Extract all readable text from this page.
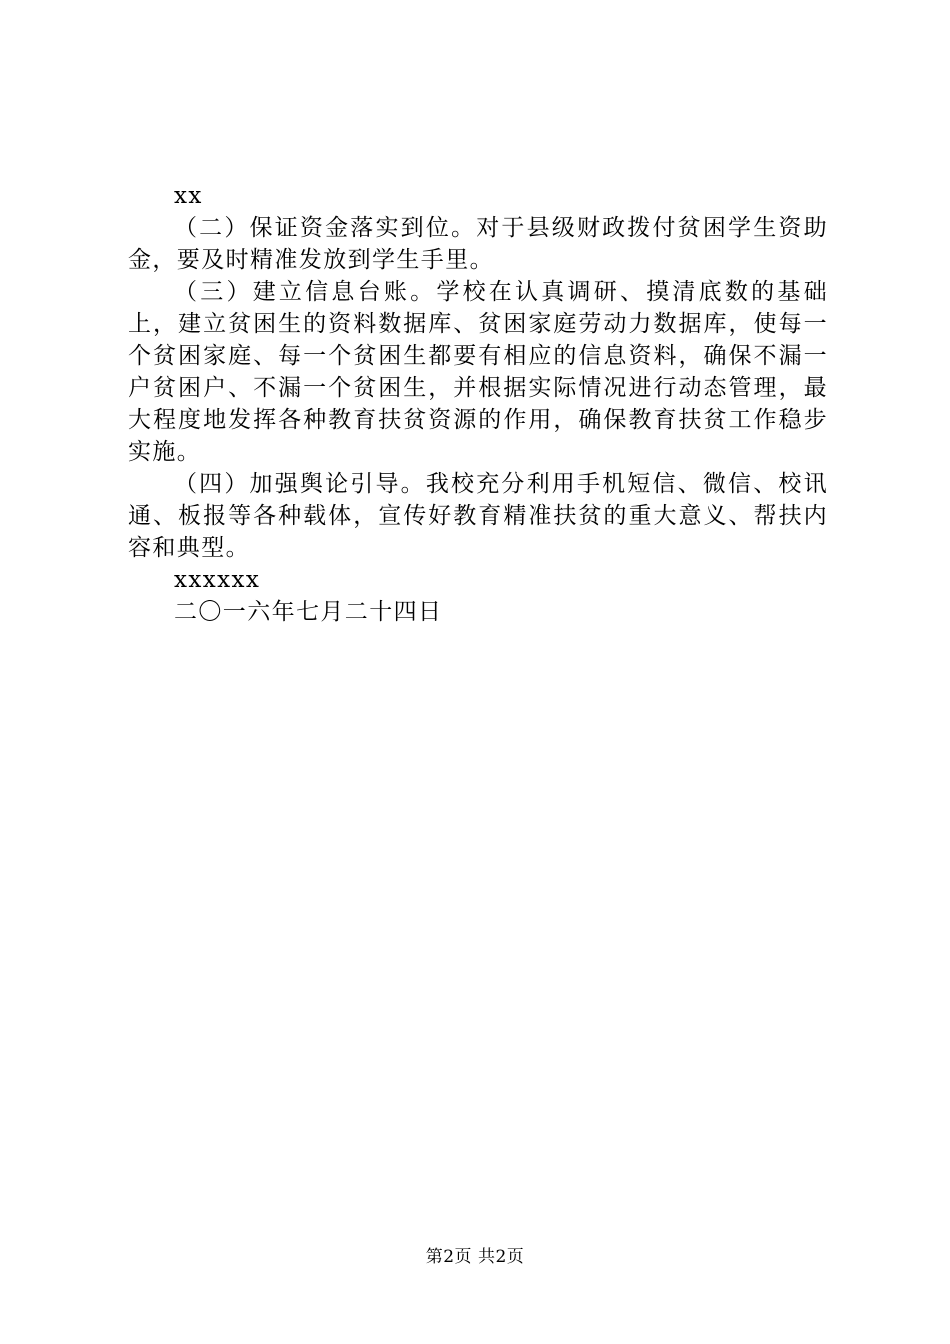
xx

（二）保证资金落实到位。对于县级财政拨付贫困学生资助金，要及时精准发放到学生手里。

（三）建立信息台账。学校在认真调研、摸清底数的基础上，建立贫困生的资料数据库、贫困家庭劳动力数据库，使每一个贫困家庭、每一个贫困生都要有相应的信息资料，确保不漏一户贫困户、不漏一个贫困生，并根据实际情况进行动态管理，最大程度地发挥各种教育扶贫资源的作用，确保教育扶贫工作稳步实施。

（四）加强舆论引导。我校充分利用手机短信、微信、校讯通、板报等各种载体，宣传好教育精准扶贫的重大意义、帮扶内容和典型。

xxxxxx

二〇一六年七月二十四日

第2页 共2页
